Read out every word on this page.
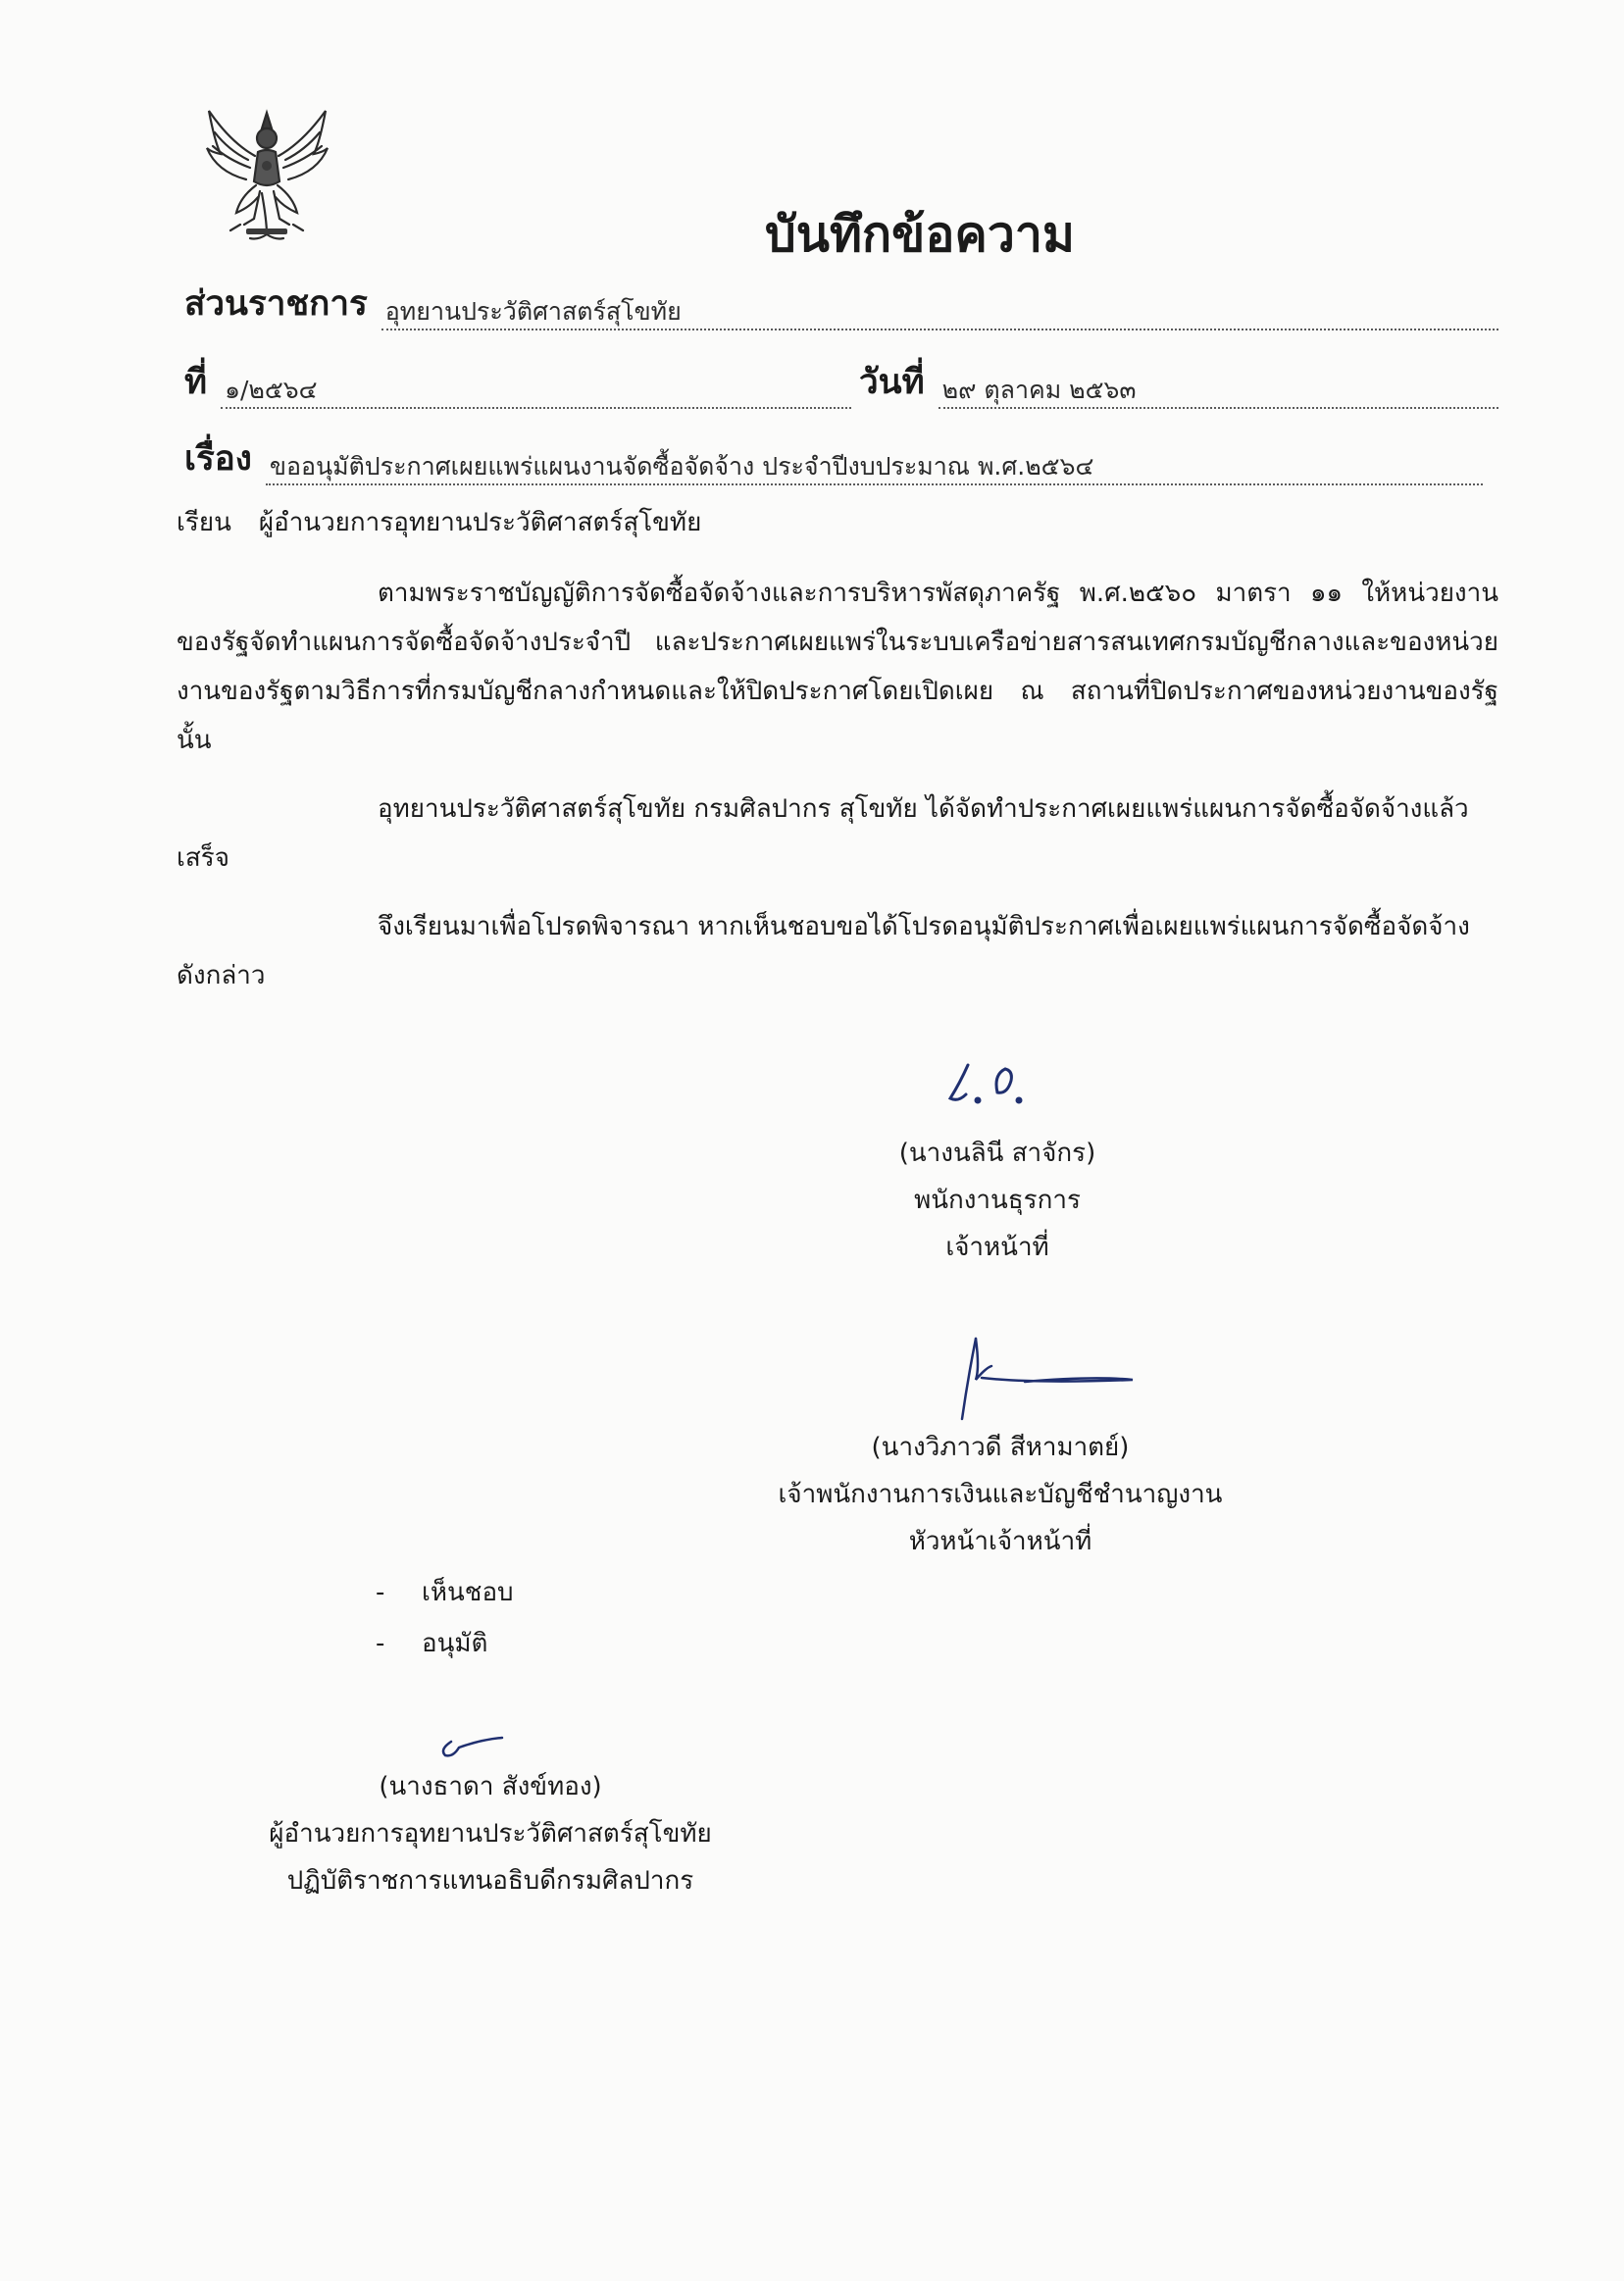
บันทึกข้อความ
ส่วนราชการ อุทยานประวัติศาสตร์สุโขทัย
ที่ ๑/๒๕๖๔	วันที่ ๒๙ ตุลาคม ๒๕๖๓
เรื่อง ขออนุมัติประกาศเผยแพร่แผนงานจัดซื้อจัดจ้าง ประจำปีงบประมาณ พ.ศ.๒๕๖๔
เรียน ผู้อำนวยการอุทยานประวัติศาสตร์สุโขทัย

ตามพระราชบัญญัติการจัดซื้อจัดจ้างและการบริหารพัสดุภาครัฐ พ.ศ.๒๕๖๐ มาตรา ๑๑ ให้หน่วยงานของรัฐจัดทำแผนการจัดซื้อจัดจ้างประจำปี และประกาศเผยแพร่ในระบบเครือข่ายสารสนเทศกรมบัญชีกลางและของหน่วยงานของรัฐตามวิธีการที่กรมบัญชีกลางกำหนดและให้ปิดประกาศโดยเปิดเผย ณ สถานที่ปิดประกาศของหน่วยงานของรัฐ นั้น

อุทยานประวัติศาสตร์สุโขทัย กรมศิลปากร สุโขทัย ได้จัดทำประกาศเผยแพร่แผนการจัดซื้อจัดจ้างแล้วเสร็จ

จึงเรียนมาเพื่อโปรดพิจารณา หากเห็นชอบขอได้โปรดอนุมัติประกาศเพื่อเผยแพร่แผนการจัดซื้อจัดจ้างดังกล่าว

(นางนลินี สาจักร)
พนักงานธุรการ
เจ้าหน้าที่
(นางวิภาวดี สีหามาตย์)
เจ้าพนักงานการเงินและบัญชีชำนาญงาน
หัวหน้าเจ้าหน้าที่
- เห็นชอบ
- อนุมัติ
(นางธาดา สังข์ทอง)
ผู้อำนวยการอุทยานประวัติศาสตร์สุโขทัย
ปฏิบัติราชการแทนอธิบดีกรมศิลปากร
